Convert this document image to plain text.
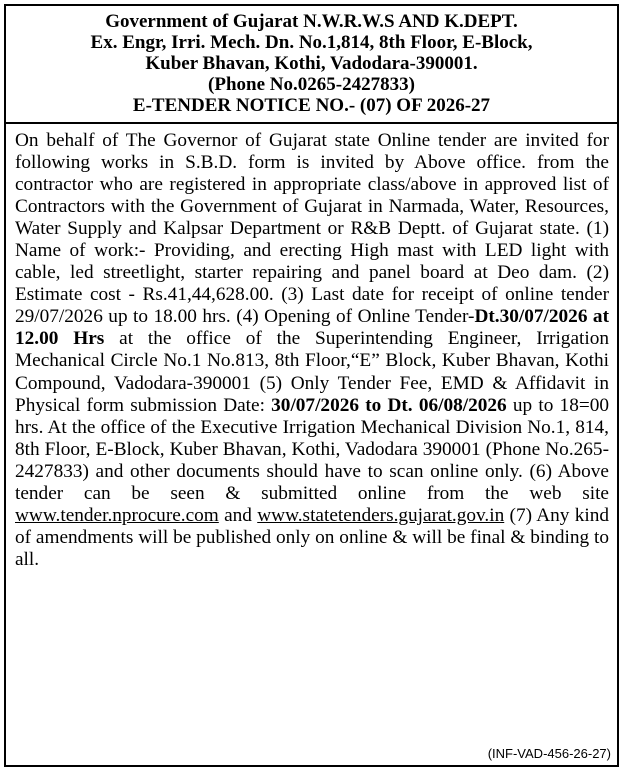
Government of Gujarat N.W.R.W.S AND K.DEPT.
Ex. Engr, Irri. Mech. Dn. No.1,814, 8th Floor, E-Block,
Kuber Bhavan, Kothi, Vadodara-390001.
(Phone No.0265-2427833)
E-TENDER NOTICE NO.- (07) OF 2026-27

On behalf of The Governor of Gujarat state Online tender are invited for following works in S.B.D. form is invited by Above office. from the contractor who are registered in appropriate class/above in approved list of Contractors with the Government of Gujarat in Narmada, Water, Resources, Water Supply and Kalpsar Department or R&B Deptt. of Gujarat state. (1) Name of work:- Providing, and erecting High mast with LED light with cable, led streetlight, starter repairing and panel board at Deo dam. (2) Estimate cost - Rs.41,44,628.00. (3) Last date for receipt of online tender 29/07/2026 up to 18.00 hrs. (4) Opening of Online Tender-Dt.30/07/2026 at 12.00 Hrs at the office of the Superintending Engineer, Irrigation Mechanical Circle No.1 No.813, 8th Floor,“E” Block, Kuber Bhavan, Kothi Compound, Vadodara-390001 (5) Only Tender Fee, EMD & Affidavit in Physical form submission Date: 30/07/2026 to Dt. 06/08/2026 up to 18=00 hrs. At the office of the Executive Irrigation Mechanical Division No.1, 814, 8th Floor, E-Block, Kuber Bhavan, Kothi, Vadodara 390001 (Phone No.265-2427833) and other documents should have to scan online only. (6) Above tender can be seen & submitted online from the web site www.tender.nprocure.com and www.statetenders.gujarat.gov.in (7) Any kind of amendments will be published only on online & will be final & binding to all.

(INF-VAD-456-26-27)
